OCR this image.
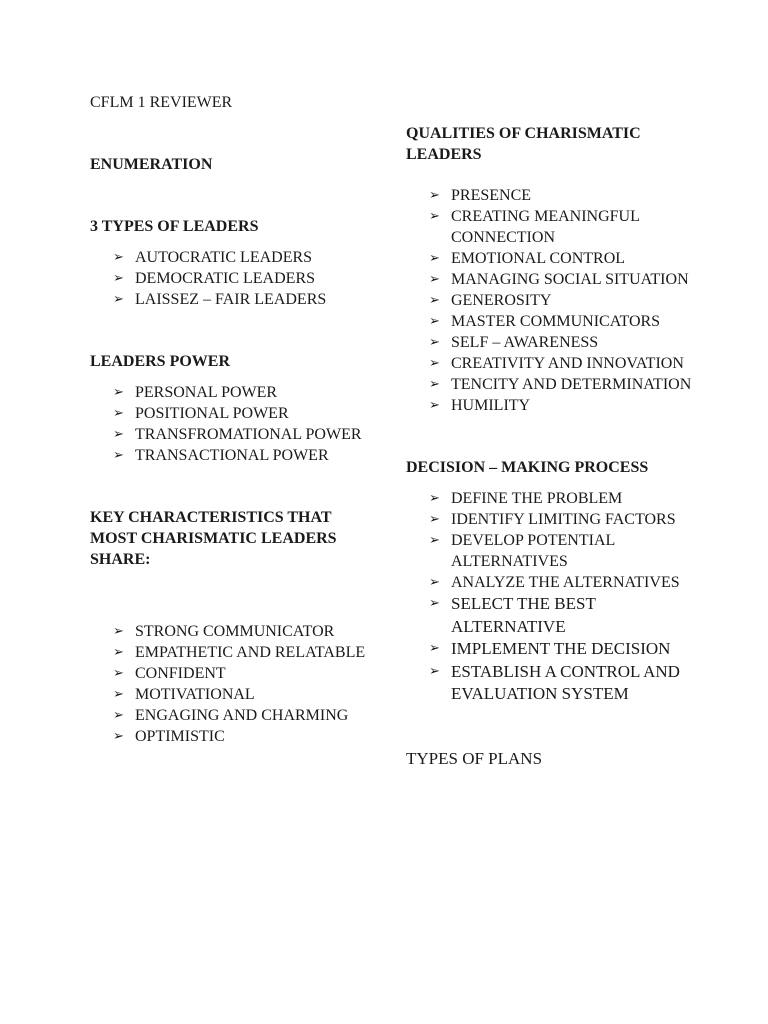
CFLM 1 REVIEWER

ENUMERATION

3 TYPES OF LEADERS

➢ AUTOCRATIC LEADERS
➢ DEMOCRATIC LEADERS
➢ LAISSEZ – FAIR LEADERS

LEADERS POWER

➢ PERSONAL POWER
➢ POSITIONAL POWER
➢ TRANSFROMATIONAL POWER
➢ TRANSACTIONAL POWER

KEY CHARACTERISTICS THAT MOST CHARISMATIC LEADERS SHARE:

➢ STRONG COMMUNICATOR
➢ EMPATHETIC AND RELATABLE
➢ CONFIDENT
➢ MOTIVATIONAL
➢ ENGAGING AND CHARMING
➢ OPTIMISTIC

QUALITIES OF CHARISMATIC LEADERS

➢ PRESENCE
➢ CREATING MEANINGFUL CONNECTION
➢ EMOTIONAL CONTROL
➢ MANAGING SOCIAL SITUATION
➢ GENEROSITY
➢ MASTER COMMUNICATORS
➢ SELF – AWARENESS
➢ CREATIVITY AND INNOVATION
➢ TENCITY AND DETERMINATION
➢ HUMILITY

DECISION – MAKING PROCESS

➢ DEFINE THE PROBLEM
➢ IDENTIFY LIMITING FACTORS
➢ DEVELOP POTENTIAL ALTERNATIVES
➢ ANALYZE THE ALTERNATIVES
➢ SELECT THE BEST ALTERNATIVE
➢ IMPLEMENT THE DECISION
➢ ESTABLISH A CONTROL AND EVALUATION SYSTEM

TYPES OF PLANS
